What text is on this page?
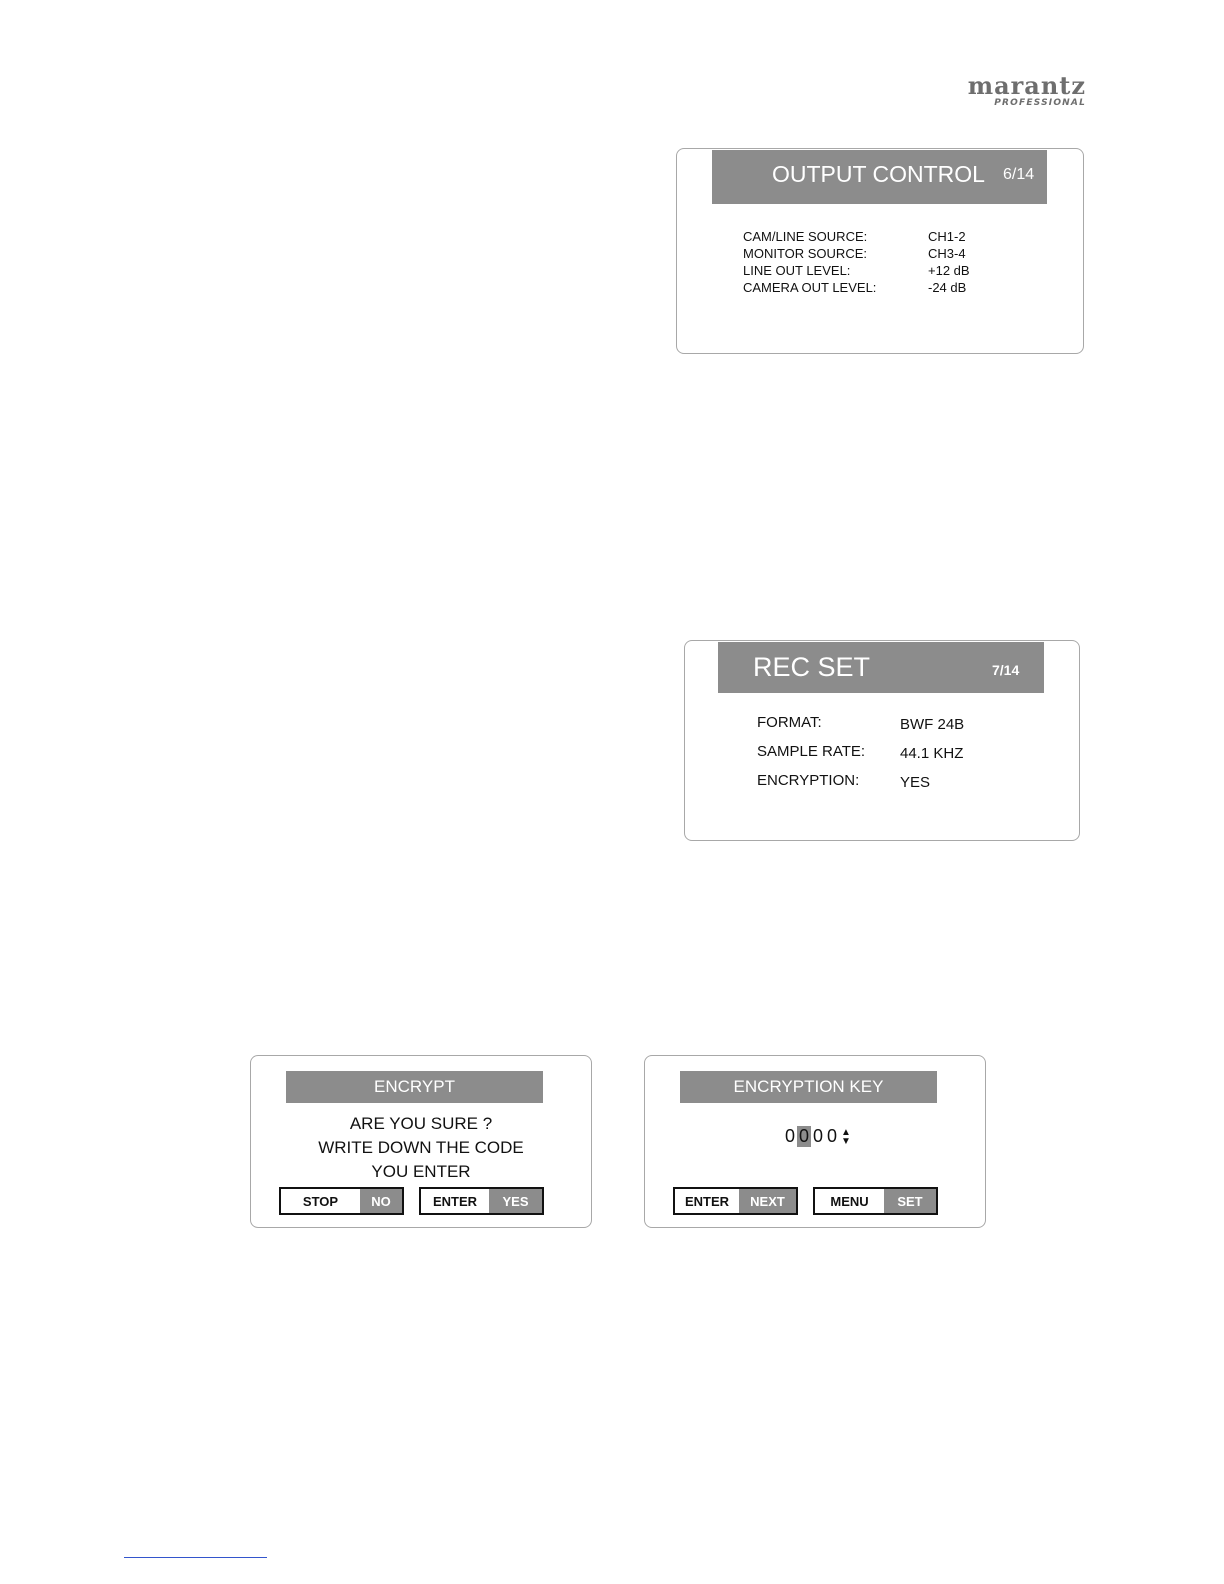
marantz
PROFESSIONAL
OUTPUT CONTROL 6/14
CAM/LINE SOURCE:	CH1-2
MONITOR SOURCE:	CH3-4
LINE OUT LEVEL:	+12 dB
CAMERA OUT LEVEL:	-24 dB
REC SET	7/14
FORMAT:	BWF 24B
SAMPLE RATE: 44.1 KHZ
ENCRYPTION:	YES
ENCRYPT
ARE YOU SURE ?
WRITE DOWN THE CODE
YOU ENTER
STOP	NO	ENTER	YES
ENCRYPTION KEY
0 0 0 0 ▲
▼
ENTER	NEXT	MENU	SET
